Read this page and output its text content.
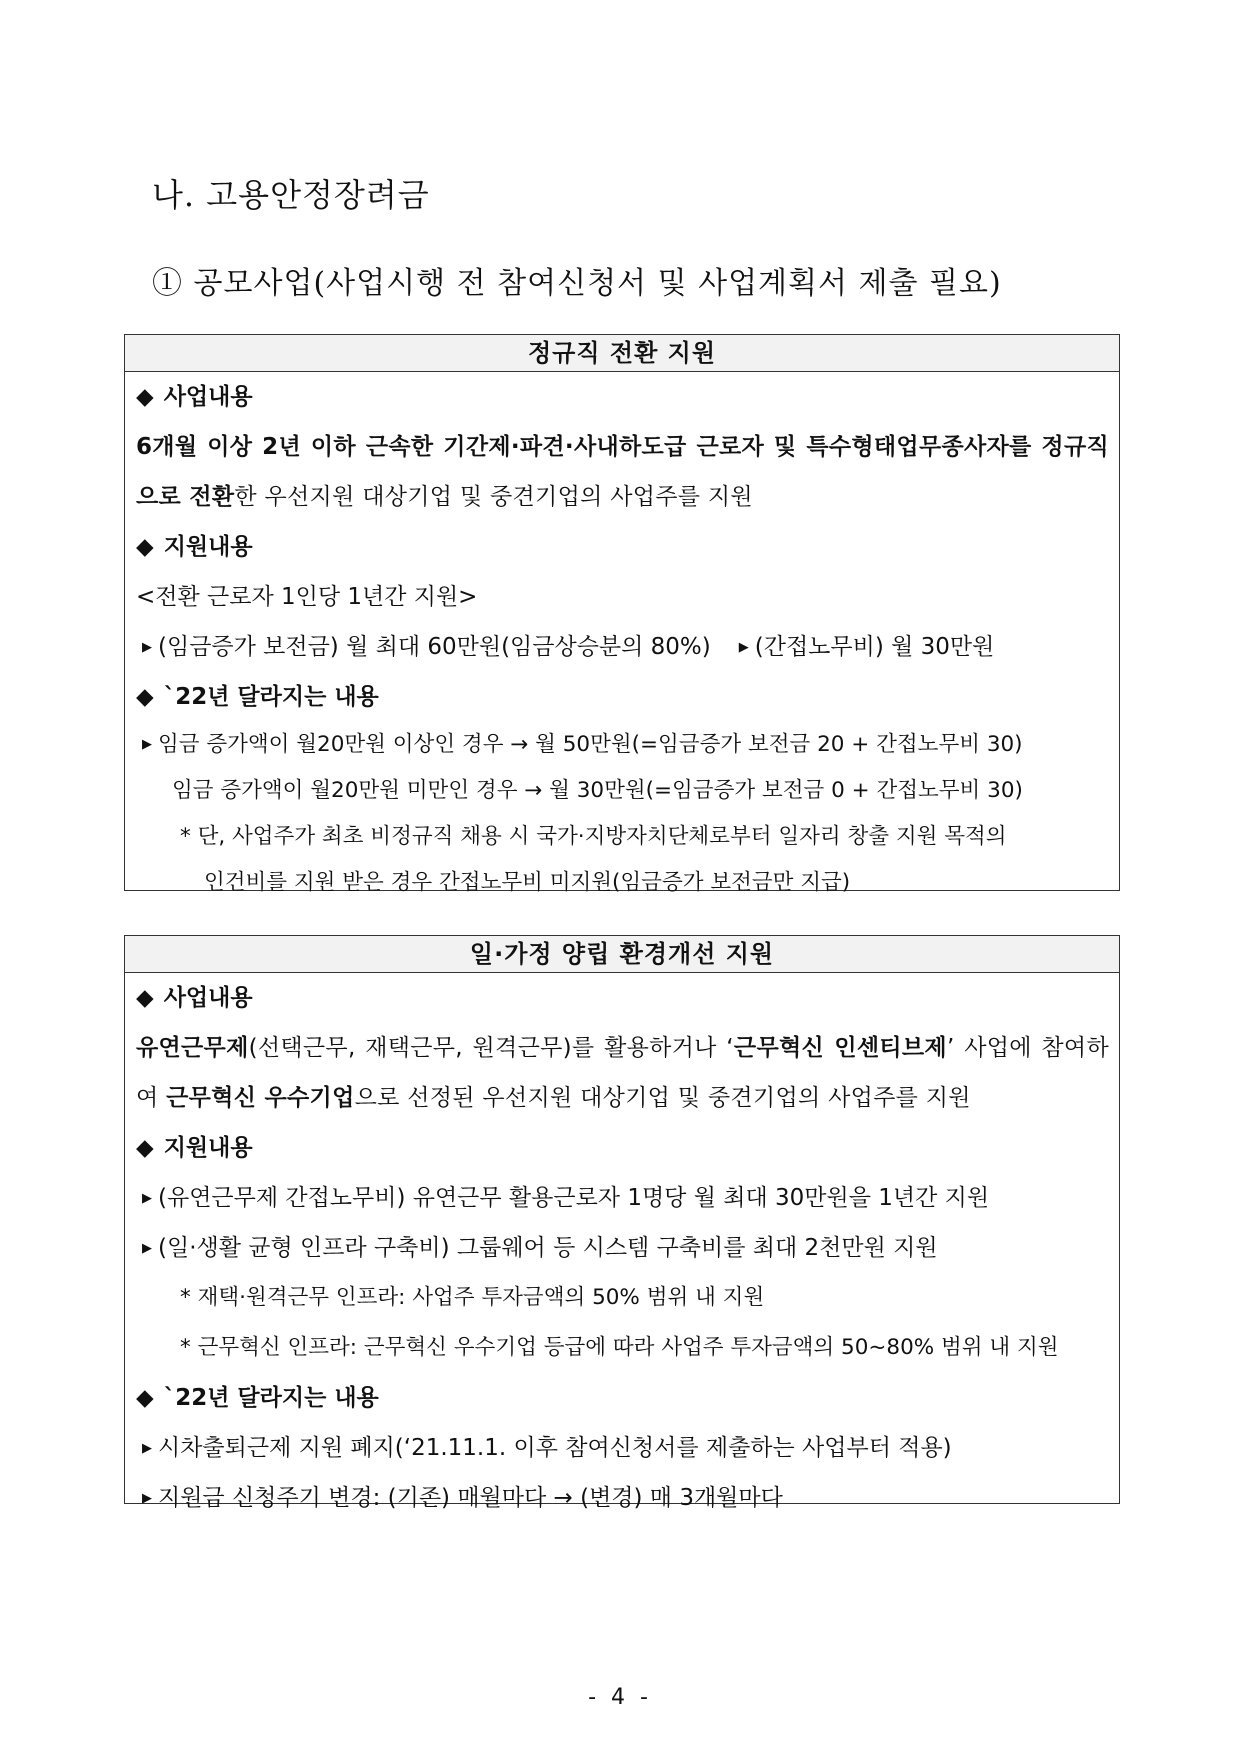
나. 고용안정장려금
① 공모사업(사업시행 전 참여신청서 및 사업계획서 제출 필요)
정규직 전환 지원
◆ 사업내용
6개월 이상 2년 이하 근속한 기간제·파견·사내하도급 근로자 및 특수형태업무종사자를 정규직으로 전환한 우선지원 대상기업 및 중견기업의 사업주를 지원
◆ 지원내용
<전환 근로자 1인당 1년간 지원>
▶ (임금증가 보전금) 월 최대 60만원(임금상승분의 80%) ▶ (간접노무비) 월 30만원
◆ `22년 달라지는 내용
▶ 임금 증가액이 월20만원 이상인 경우 → 월 50만원(=임금증가 보전금 20 + 간접노무비 30)
임금 증가액이 월20만원 미만인 경우 → 월 30만원(=임금증가 보전금 0 + 간접노무비 30)
* 단, 사업주가 최초 비정규직 채용 시 국가·지방자치단체로부터 일자리 창출 지원 목적의
인건비를 지원 받은 경우 간접노무비 미지원(임금증가 보전금만 지급)
일·가정 양립 환경개선 지원
◆ 사업내용
유연근무제(선택근무, 재택근무, 원격근무)를 활용하거나 ‘근무혁신 인센티브제’ 사업에 참여하여 근무혁신 우수기업으로 선정된 우선지원 대상기업 및 중견기업의 사업주를 지원
◆ 지원내용
▶ (유연근무제 간접노무비) 유연근무 활용근로자 1명당 월 최대 30만원을 1년간 지원
▶ (일·생활 균형 인프라 구축비) 그룹웨어 등 시스템 구축비를 최대 2천만원 지원
* 재택·원격근무 인프라: 사업주 투자금액의 50% 범위 내 지원
* 근무혁신 인프라: 근무혁신 우수기업 등급에 따라 사업주 투자금액의 50~80% 범위 내 지원
◆ `22년 달라지는 내용
▶ 시차출퇴근제 지원 폐지(‘21.11.1. 이후 참여신청서를 제출하는 사업부터 적용)
▶ 지원금 신청주기 변경: (기존) 매월마다 → (변경) 매 3개월마다
- 4 -
